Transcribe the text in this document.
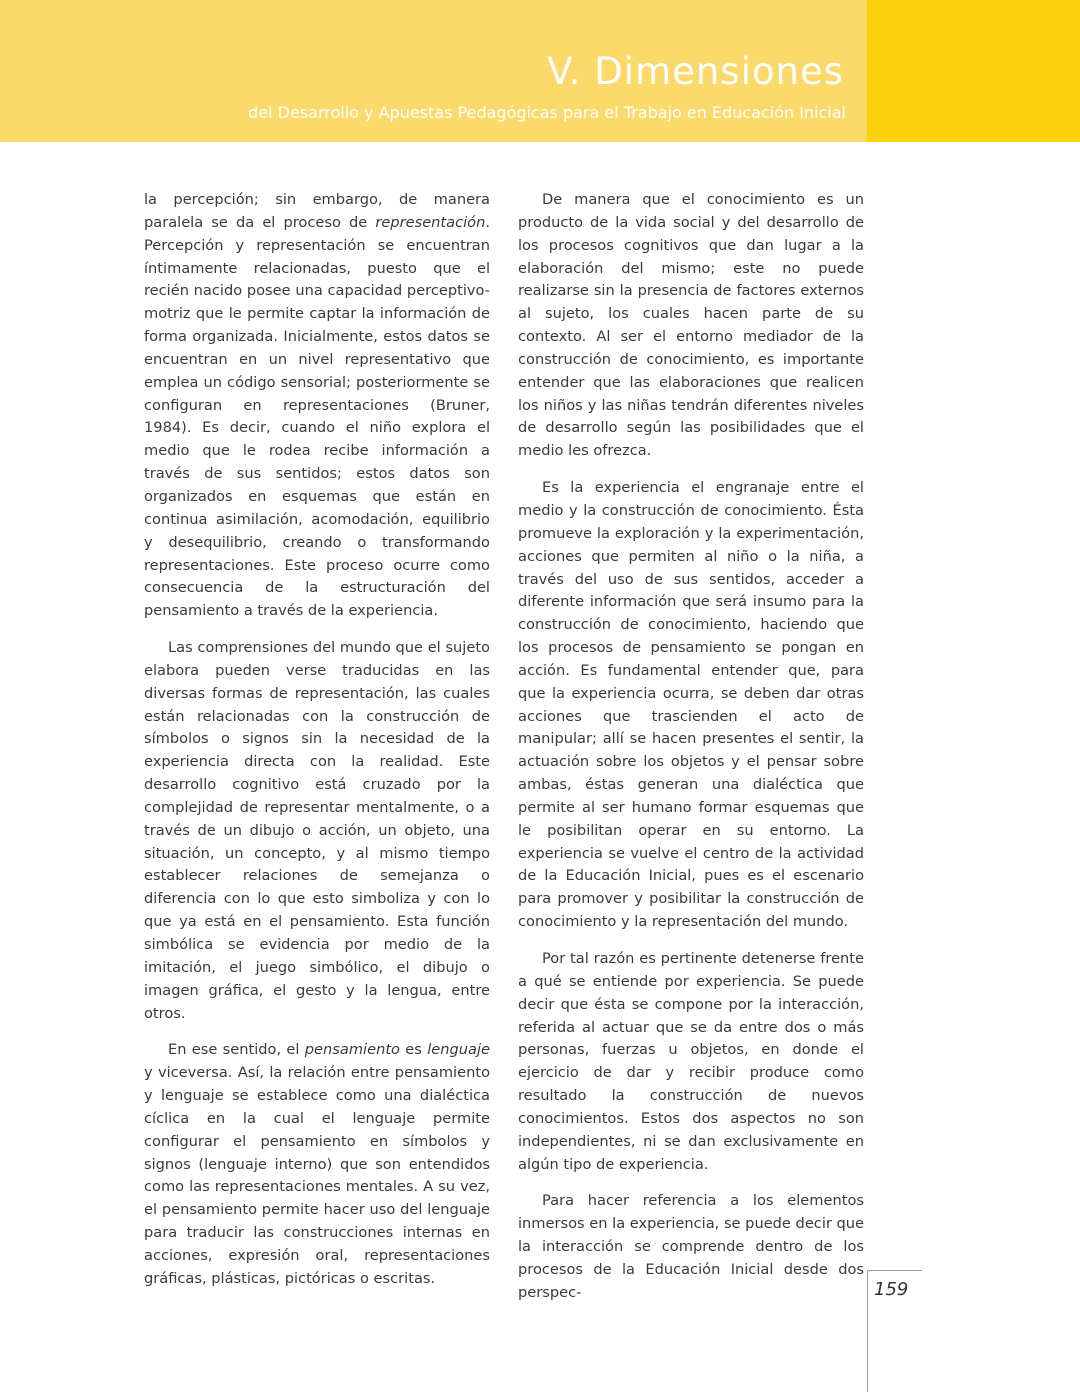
V. Dimensiones
del Desarrollo y Apuestas Pedagógicas para el Trabajo en Educación Inicial

la percepción; sin embargo, de manera paralela se da el proceso de representación. Percepción y representación se encuentran íntimamente relacionadas, puesto que el recién nacido posee una capacidad perceptivo-motriz que le permite captar la información de forma organizada. Inicialmente, estos datos se encuentran en un nivel representativo que emplea un código sensorial; posteriormente se configuran en representaciones (Bruner, 1984). Es decir, cuando el niño explora el medio que le rodea recibe información a través de sus sentidos; estos datos son organizados en esquemas que están en continua asimilación, acomodación, equilibrio y desequilibrio, creando o transformando representaciones. Este proceso ocurre como consecuencia de la estructuración del pensamiento a través de la experiencia.

Las comprensiones del mundo que el sujeto elabora pueden verse traducidas en las diversas formas de representación, las cuales están relacionadas con la construcción de símbolos o signos sin la necesidad de la experiencia directa con la realidad. Este desarrollo cognitivo está cruzado por la complejidad de representar mentalmente, o a través de un dibujo o acción, un objeto, una situación, un concepto, y al mismo tiempo establecer relaciones de semejanza o diferencia con lo que esto simboliza y con lo que ya está en el pensamiento. Esta función simbólica se evidencia por medio de la imitación, el juego simbólico, el dibujo o imagen gráfica, el gesto y la lengua, entre otros.

En ese sentido, el pensamiento es lenguaje y viceversa. Así, la relación entre pensamiento y lenguaje se establece como una dialéctica cíclica en la cual el lenguaje permite configurar el pensamiento en símbolos y signos (lenguaje interno) que son entendidos como las representaciones mentales. A su vez, el pensamiento permite hacer uso del lenguaje para traducir las construcciones internas en acciones, expresión oral, representaciones gráficas, plásticas, pictóricas o escritas.

De manera que el conocimiento es un producto de la vida social y del desarrollo de los procesos cognitivos que dan lugar a la elaboración del mismo; este no puede realizarse sin la presencia de factores externos al sujeto, los cuales hacen parte de su contexto. Al ser el entorno mediador de la construcción de conocimiento, es importante entender que las elaboraciones que realicen los niños y las niñas tendrán diferentes niveles de desarrollo según las posibilidades que el medio les ofrezca.

Es la experiencia el engranaje entre el medio y la construcción de conocimiento. Ésta promueve la exploración y la experimentación, acciones que permiten al niño o la niña, a través del uso de sus sentidos, acceder a diferente información que será insumo para la construcción de conocimiento, haciendo que los procesos de pensamiento se pongan en acción. Es fundamental entender que, para que la experiencia ocurra, se deben dar otras acciones que trascienden el acto de manipular; allí se hacen presentes el sentir, la actuación sobre los objetos y el pensar sobre ambas, éstas generan una dialéctica que permite al ser humano formar esquemas que le posibilitan operar en su entorno. La experiencia se vuelve el centro de la actividad de la Educación Inicial, pues es el escenario para promover y posibilitar la construcción de conocimiento y la representación del mundo.

Por tal razón es pertinente detenerse frente a qué se entiende por experiencia. Se puede decir que ésta se compone por la interacción, referida al actuar que se da entre dos o más personas, fuerzas u objetos, en donde el ejercicio de dar y recibir produce como resultado la construcción de nuevos conocimientos. Estos dos aspectos no son independientes, ni se dan exclusivamente en algún tipo de experiencia.

Para hacer referencia a los elementos inmersos en la experiencia, se puede decir que la interacción se comprende dentro de los procesos de la Educación Inicial desde dos perspec-	159
